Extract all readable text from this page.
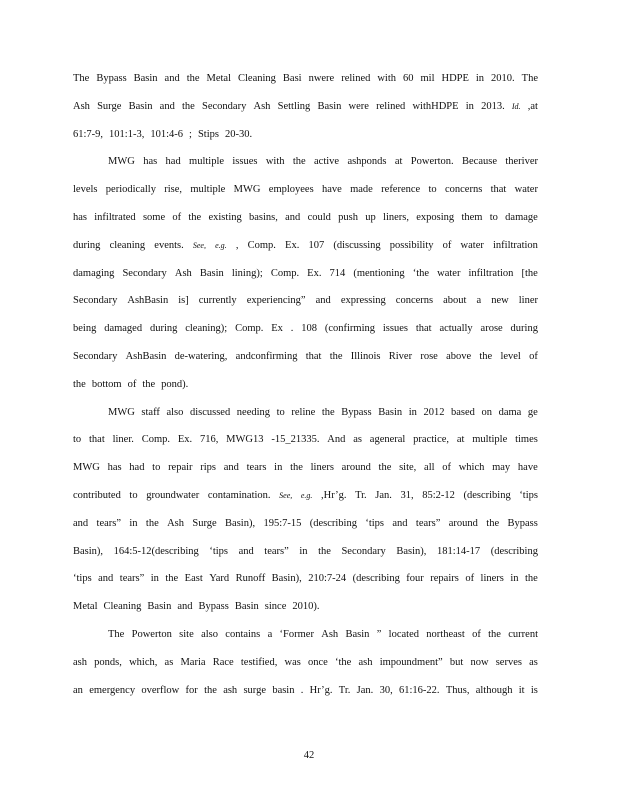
The Bypass Basin and the Metal Cleaning Basi nwere relined with 60 mil HDPE in 2010. The
Ash Surge Basin and the Secondary Ash Settling Basin were relined withHDPE in 2013. Id. ,at
61:7-9, 101:1-3, 101:4-6 ; Stips 20-30.
MWG has had multiple issues with the active ashponds at Powerton. Because theriver
levels periodically rise, multiple MWG employees have made reference to concerns that water
has infiltrated some of the existing basins, and could push up liners, exposing them to damage
during cleaning events. See, e.g. , Comp. Ex. 107 (discussing possibility of water infiltration
damaging Secondary Ash Basin lining); Comp. Ex. 714 (mentioning ‘the water infiltration [the
Secondary AshBasin is] currently experiencing” and expressing concerns about a new liner
being damaged during cleaning); Comp. Ex . 108 (confirming issues that actually arose during
Secondary AshBasin de-watering, andconfirming that the Illinois River rose above the level of
the bottom of the pond).
MWG staff also discussed needing to reline the Bypass Basin in 2012 based on dama ge
to that liner. Comp. Ex. 716, MWG13 -15_21335. And as ageneral practice, at multiple times
MWG has had to repair rips and tears in the liners around the site, all of which may have
contributed to groundwater contamination. See, e.g. ,Hr’g. Tr. Jan. 31, 85:2-12 (describing ‘tips
and tears” in the Ash Surge Basin), 195:7-15 (describing ‘tips and tears” around the Bypass
Basin), 164:5-12(describing ‘tips and tears” in the Secondary Basin), 181:14-17 (describing
‘tips and tears” in the East Yard Runoff Basin), 210:7-24 (describing four repairs of liners in the
Metal Cleaning Basin and Bypass Basin since 2010).
The Powerton site also contains a ‘Former Ash Basin ” located northeast of the current
ash ponds, which, as Maria Race testified, was once ‘the ash impoundment” but now serves as
an emergency overflow for the ash surge basin . Hr’g. Tr. Jan. 30, 61:16-22. Thus, although it is
42
